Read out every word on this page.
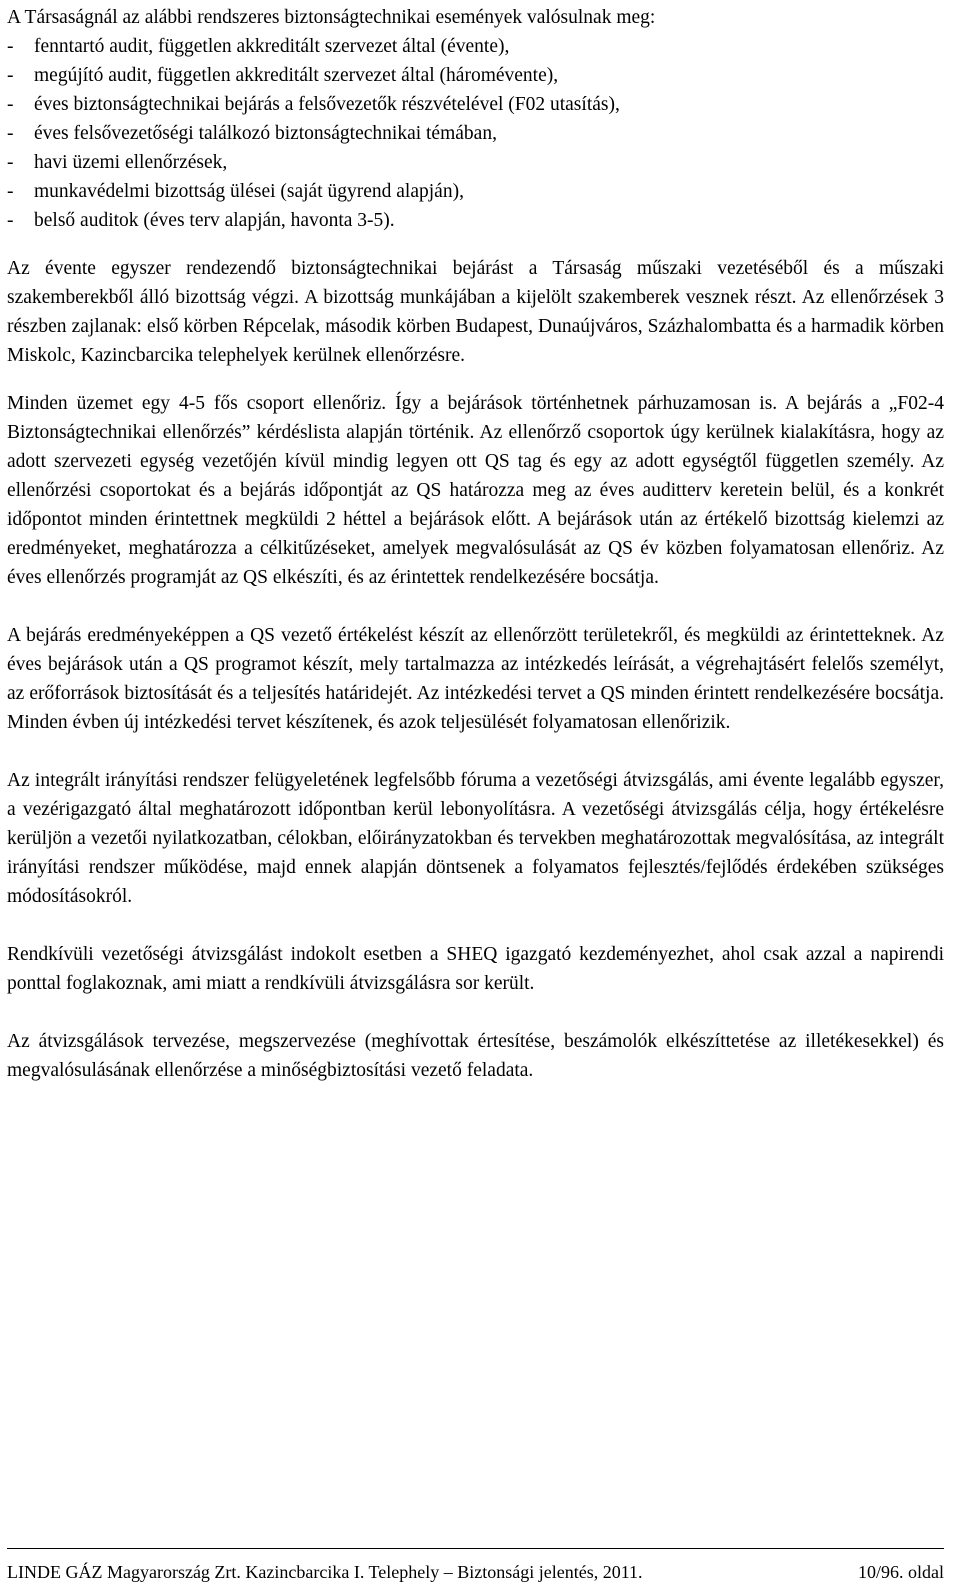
A Társaságnál az alábbi rendszeres biztonságtechnikai események valósulnak meg:

-	fenntartó audit, független akkreditált szervezet által (évente),
-	megújító audit, független akkreditált szervezet által (háromévente),
-	éves biztonságtechnikai bejárás a felsővezetők részvételével (F02 utasítás),
-	éves felsővezetőségi találkozó biztonságtechnikai témában,
-	havi üzemi ellenőrzések,
-	munkavédelmi bizottság ülései (saját ügyrend alapján),
-	belső auditok (éves terv alapján, havonta 3-5).

Az évente egyszer rendezendő biztonságtechnikai bejárást a Társaság műszaki vezetéséből és a műszaki szakemberekből álló bizottság végzi. A bizottság munkájában a kijelölt szakemberek vesznek részt. Az ellenőrzések 3 részben zajlanak: első körben Répcelak, második körben Budapest, Dunaújváros, Százhalombatta és a harmadik körben Miskolc, Kazincbarcika telephelyek kerülnek ellenőrzésre.

Minden üzemet egy 4-5 fős csoport ellenőriz. Így a bejárások történhetnek párhuzamosan is. A bejárás a „F02-4 Biztonságtechnikai ellenőrzés” kérdéslista alapján történik. Az ellenőrző csoportok úgy kerülnek kialakításra, hogy az adott szervezeti egység vezetőjén kívül mindig legyen ott QS tag és egy az adott egységtől független személy. Az ellenőrzési csoportokat és a bejárás időpontját az QS határozza meg az éves auditterv keretein belül, és a konkrét időpontot minden érintettnek megküldi 2 héttel a bejárások előtt. A bejárások után az értékelő bizottság kielemzi az eredményeket, meghatározza a célkitűzéseket, amelyek megvalósulását az QS év közben folyamatosan ellenőriz. Az éves ellenőrzés programját az QS elkészíti, és az érintettek rendelkezésére bocsátja.

A bejárás eredményeképpen a QS vezető értékelést készít az ellenőrzött területekről, és megküldi az érintetteknek. Az éves bejárások után a QS programot készít, mely tartalmazza az intézkedés leírását, a végrehajtásért felelős személyt, az erőforrások biztosítását és a teljesítés határidejét. Az intézkedési tervet a QS minden érintett rendelkezésére bocsátja. Minden évben új intézkedési tervet készítenek, és azok teljesülését folyamatosan ellenőrizik.

Az integrált irányítási rendszer felügyeletének legfelsőbb fóruma a vezetőségi átvizsgálás, ami évente legalább egyszer, a vezérigazgató által meghatározott időpontban kerül lebonyolításra. A vezetőségi átvizsgálás célja, hogy értékelésre kerüljön a vezetői nyilatkozatban, célokban, előirányzatokban és tervekben meghatározottak megvalósítása, az integrált irányítási rendszer működése, majd ennek alapján döntsenek a folyamatos fejlesztés/fejlődés érdekében szükséges módosításokról.

Rendkívüli vezetőségi átvizsgálást indokolt esetben a SHEQ igazgató kezdeményezhet, ahol csak azzal a napirendi ponttal foglakoznak, ami miatt a rendkívüli átvizsgálásra sor került.

Az átvizsgálások tervezése, megszervezése (meghívottak értesítése, beszámolók elkészíttetése az illetékesekkel) és megvalósulásának ellenőrzése a minőségbiztosítási vezető feladata.

LINDE GÁZ Magyarország Zrt. Kazincbarcika I. Telephely – Biztonsági jelentés, 2011.	10/96. oldal
